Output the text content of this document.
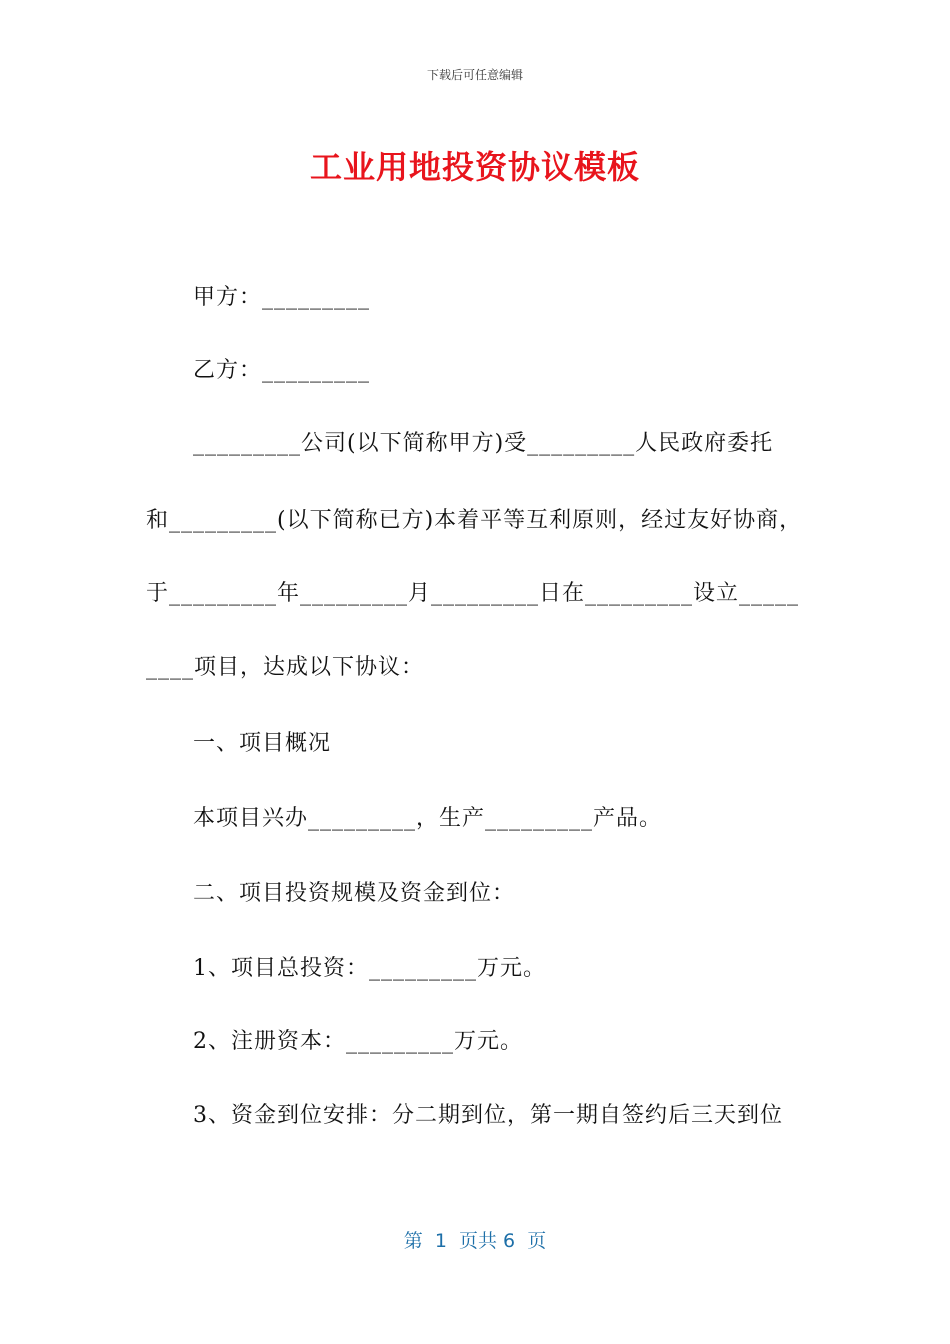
下载后可任意编辑
工业用地投资协议模板
甲方：_________
乙方：_________
_________公司(以下简称甲方)受_________人民政府委托
和_________(以下简称已方)本着平等互利原则，经过友好协商，
于_________年_________月_________日在_________设立_____
____项目，达成以下协议：
一、项目概况
本项目兴办_________，生产_________产品。
二、项目投资规模及资金到位：
1、项目总投资：_________万元。
2、注册资本：_________万元。
3、资金到位安排：分二期到位，第一期自签约后三天到位
第  1  页共 6  页
